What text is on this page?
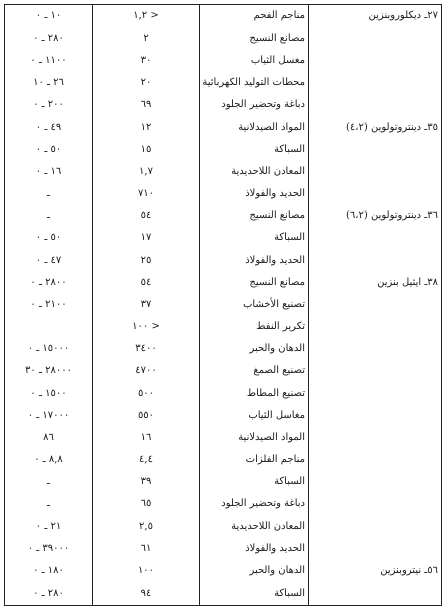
٢٧ـ ديكلوروبنزين	مناجم الفحم	< ١,٢	١٠ ـ ٠
	مصانع النسيج	٢	٢٨٠ ـ ٠
	مغسل الثياب	٣٠	١١٠٠ ـ ٠
	محطات التوليد الكهربائية	٢٠	٢٦ ـ ١٠
	دباغة وتحضير الجلود	٦٩	٢٠٠ ـ ٠
٣٥ـ دينتروتولوين (٤،٢)	المواد الصيدلانية	١٢	٤٩ ـ ٠
	السباكة	١٥	٥٠ ـ ٠
	المعادن اللاحديدية	١,٧	١٦ ـ ٠
	الحديد والفولاذ	٧١٠	ـ
٣٦ـ دينتروتولوين (٦،٢)	مصانع النسيج	٥٤	ـ
	السباكة	١٧	٥٠ ـ ٠
	الحديد والفولاذ	٢٥	٤٧ ـ ٠
٣٨ـ ايثيل بنزين	مصانع النسيج	٥٤	٢٨٠٠ ـ ٠
	تصنيع الأخشاب	٣٧	٢١٠٠ ـ ٠
	تكرير النفط	< ١٠٠	
	الدهان والحبر	٣٤٠٠	١٥٠٠٠ ـ ٠
	تصنيع الصمغ	٤٧٠٠	٢٨٠٠٠ ـ ٣٠
	تصنيع المطاط	٥٠٠	١٥٠٠ ـ ٠
	مغاسل الثياب	٥٥٠	١٧٠٠٠ ـ ٠
	المواد الصيدلانية	١٦	٨٦
	مناجم الفلزات	٤,٤	٨,٨ ـ ٠
	السباكة	٣٩	ـ
	دباغة وتحضير الجلود	٦٥	ـ
	المعادن اللاحديدية	٢,٥	٢١ ـ ٠
	الحديد والفولاذ	٦١	٣٩٠٠٠ ـ ٠
٥٦ـ نيتروبنزين	الدهان والحبر	١٠٠	١٨٠ ـ ٠
	السباكة	٩٤	٢٨٠ ـ ٠
